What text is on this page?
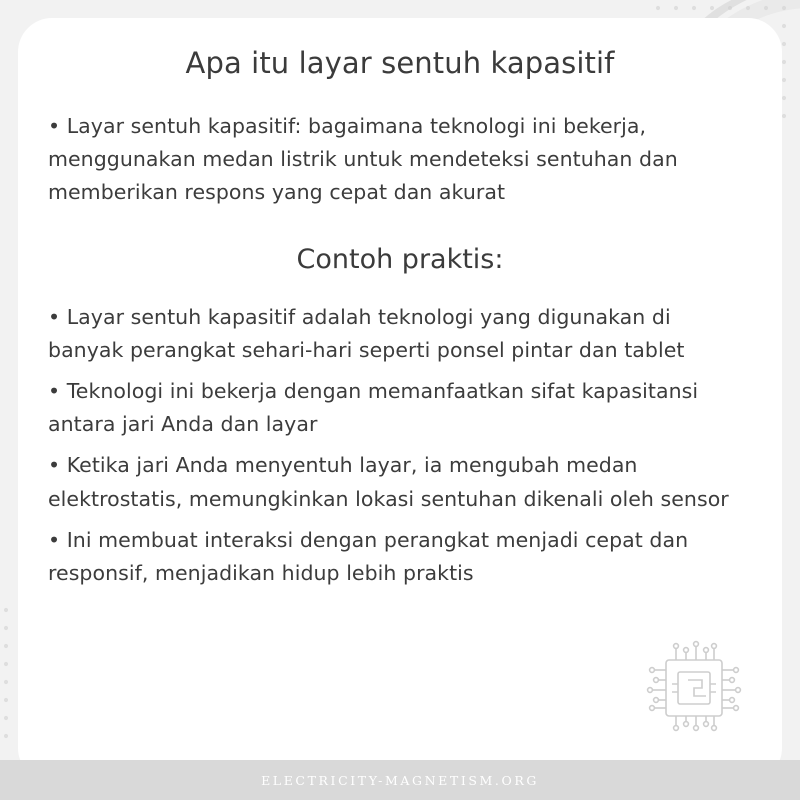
Apa itu layar sentuh kapasitif

• Layar sentuh kapasitif: bagaimana teknologi ini bekerja, menggunakan medan listrik untuk mendeteksi sentuhan dan memberikan respons yang cepat dan akurat

Contoh praktis:
• Layar sentuh kapasitif adalah teknologi yang digunakan di banyak perangkat sehari-hari seperti ponsel pintar dan tablet
• Teknologi ini bekerja dengan memanfaatkan sifat kapasitansi antara jari Anda dan layar
• Ketika jari Anda menyentuh layar, ia mengubah medan elektrostatis, memungkinkan lokasi sentuhan dikenali oleh sensor
• Ini membuat interaksi dengan perangkat menjadi cepat dan responsif, menjadikan hidup lebih praktis
ELECTRICITY-MAGNETISM.ORG
